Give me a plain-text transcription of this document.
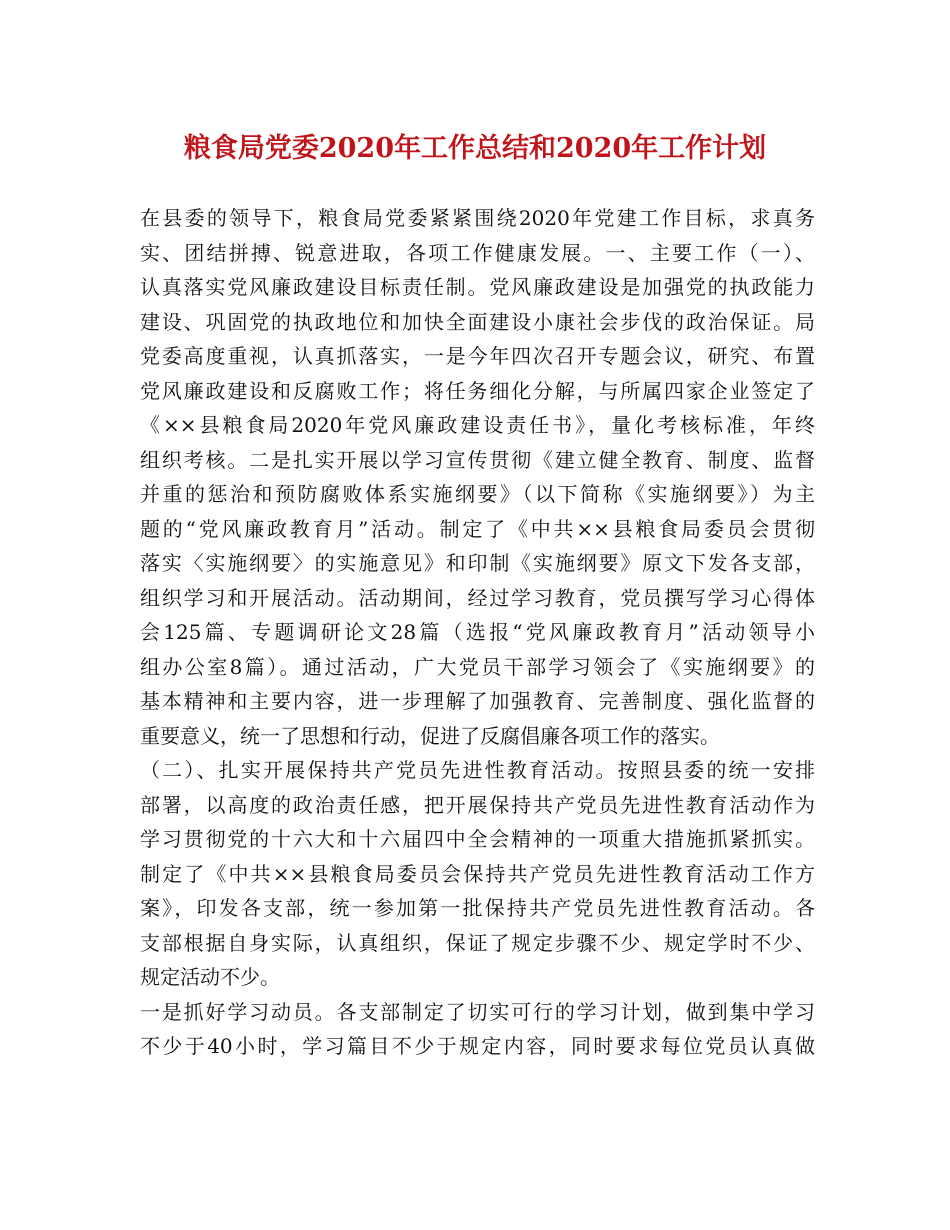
粮食局党委2020年工作总结和2020年工作计划
在县委的领导下，粮食局党委紧紧围绕2020年党建工作目标，求真务
实、团结拼搏、锐意进取，各项工作健康发展。一、主要工作（一）、
认真落实党风廉政建设目标责任制。党风廉政建设是加强党的执政能力
建设、巩固党的执政地位和加快全面建设小康社会步伐的政治保证。局
党委高度重视，认真抓落实，一是今年四次召开专题会议，研究、布置
党风廉政建设和反腐败工作；将任务细化分解，与所属四家企业签定了
《××县粮食局2020年党风廉政建设责任书》，量化考核标准，年终
组织考核。二是扎实开展以学习宣传贯彻《建立健全教育、制度、监督
并重的惩治和预防腐败体系实施纲要》（以下简称《实施纲要》）为主
题的“党风廉政教育月”活动。制定了《中共××县粮食局委员会贯彻
落实〈实施纲要〉的实施意见》和印制《实施纲要》原文下发各支部，
组织学习和开展活动。活动期间，经过学习教育，党员撰写学习心得体
会125篇、专题调研论文28篇（选报“党风廉政教育月”活动领导小
组办公室8篇）。通过活动，广大党员干部学习领会了《实施纲要》的
基本精神和主要内容，进一步理解了加强教育、完善制度、强化监督的
重要意义，统一了思想和行动，促进了反腐倡廉各项工作的落实。
（二）、扎实开展保持共产党员先进性教育活动。按照县委的统一安排
部署，以高度的政治责任感，把开展保持共产党员先进性教育活动作为
学习贯彻党的十六大和十六届四中全会精神的一项重大措施抓紧抓实。
制定了《中共××县粮食局委员会保持共产党员先进性教育活动工作方
案》，印发各支部，统一参加第一批保持共产党员先进性教育活动。各
支部根据自身实际，认真组织，保证了规定步骤不少、规定学时不少、
规定活动不少。
一是抓好学习动员。各支部制定了切实可行的学习计划，做到集中学习
不少于40小时，学习篇目不少于规定内容，同时要求每位党员认真做
